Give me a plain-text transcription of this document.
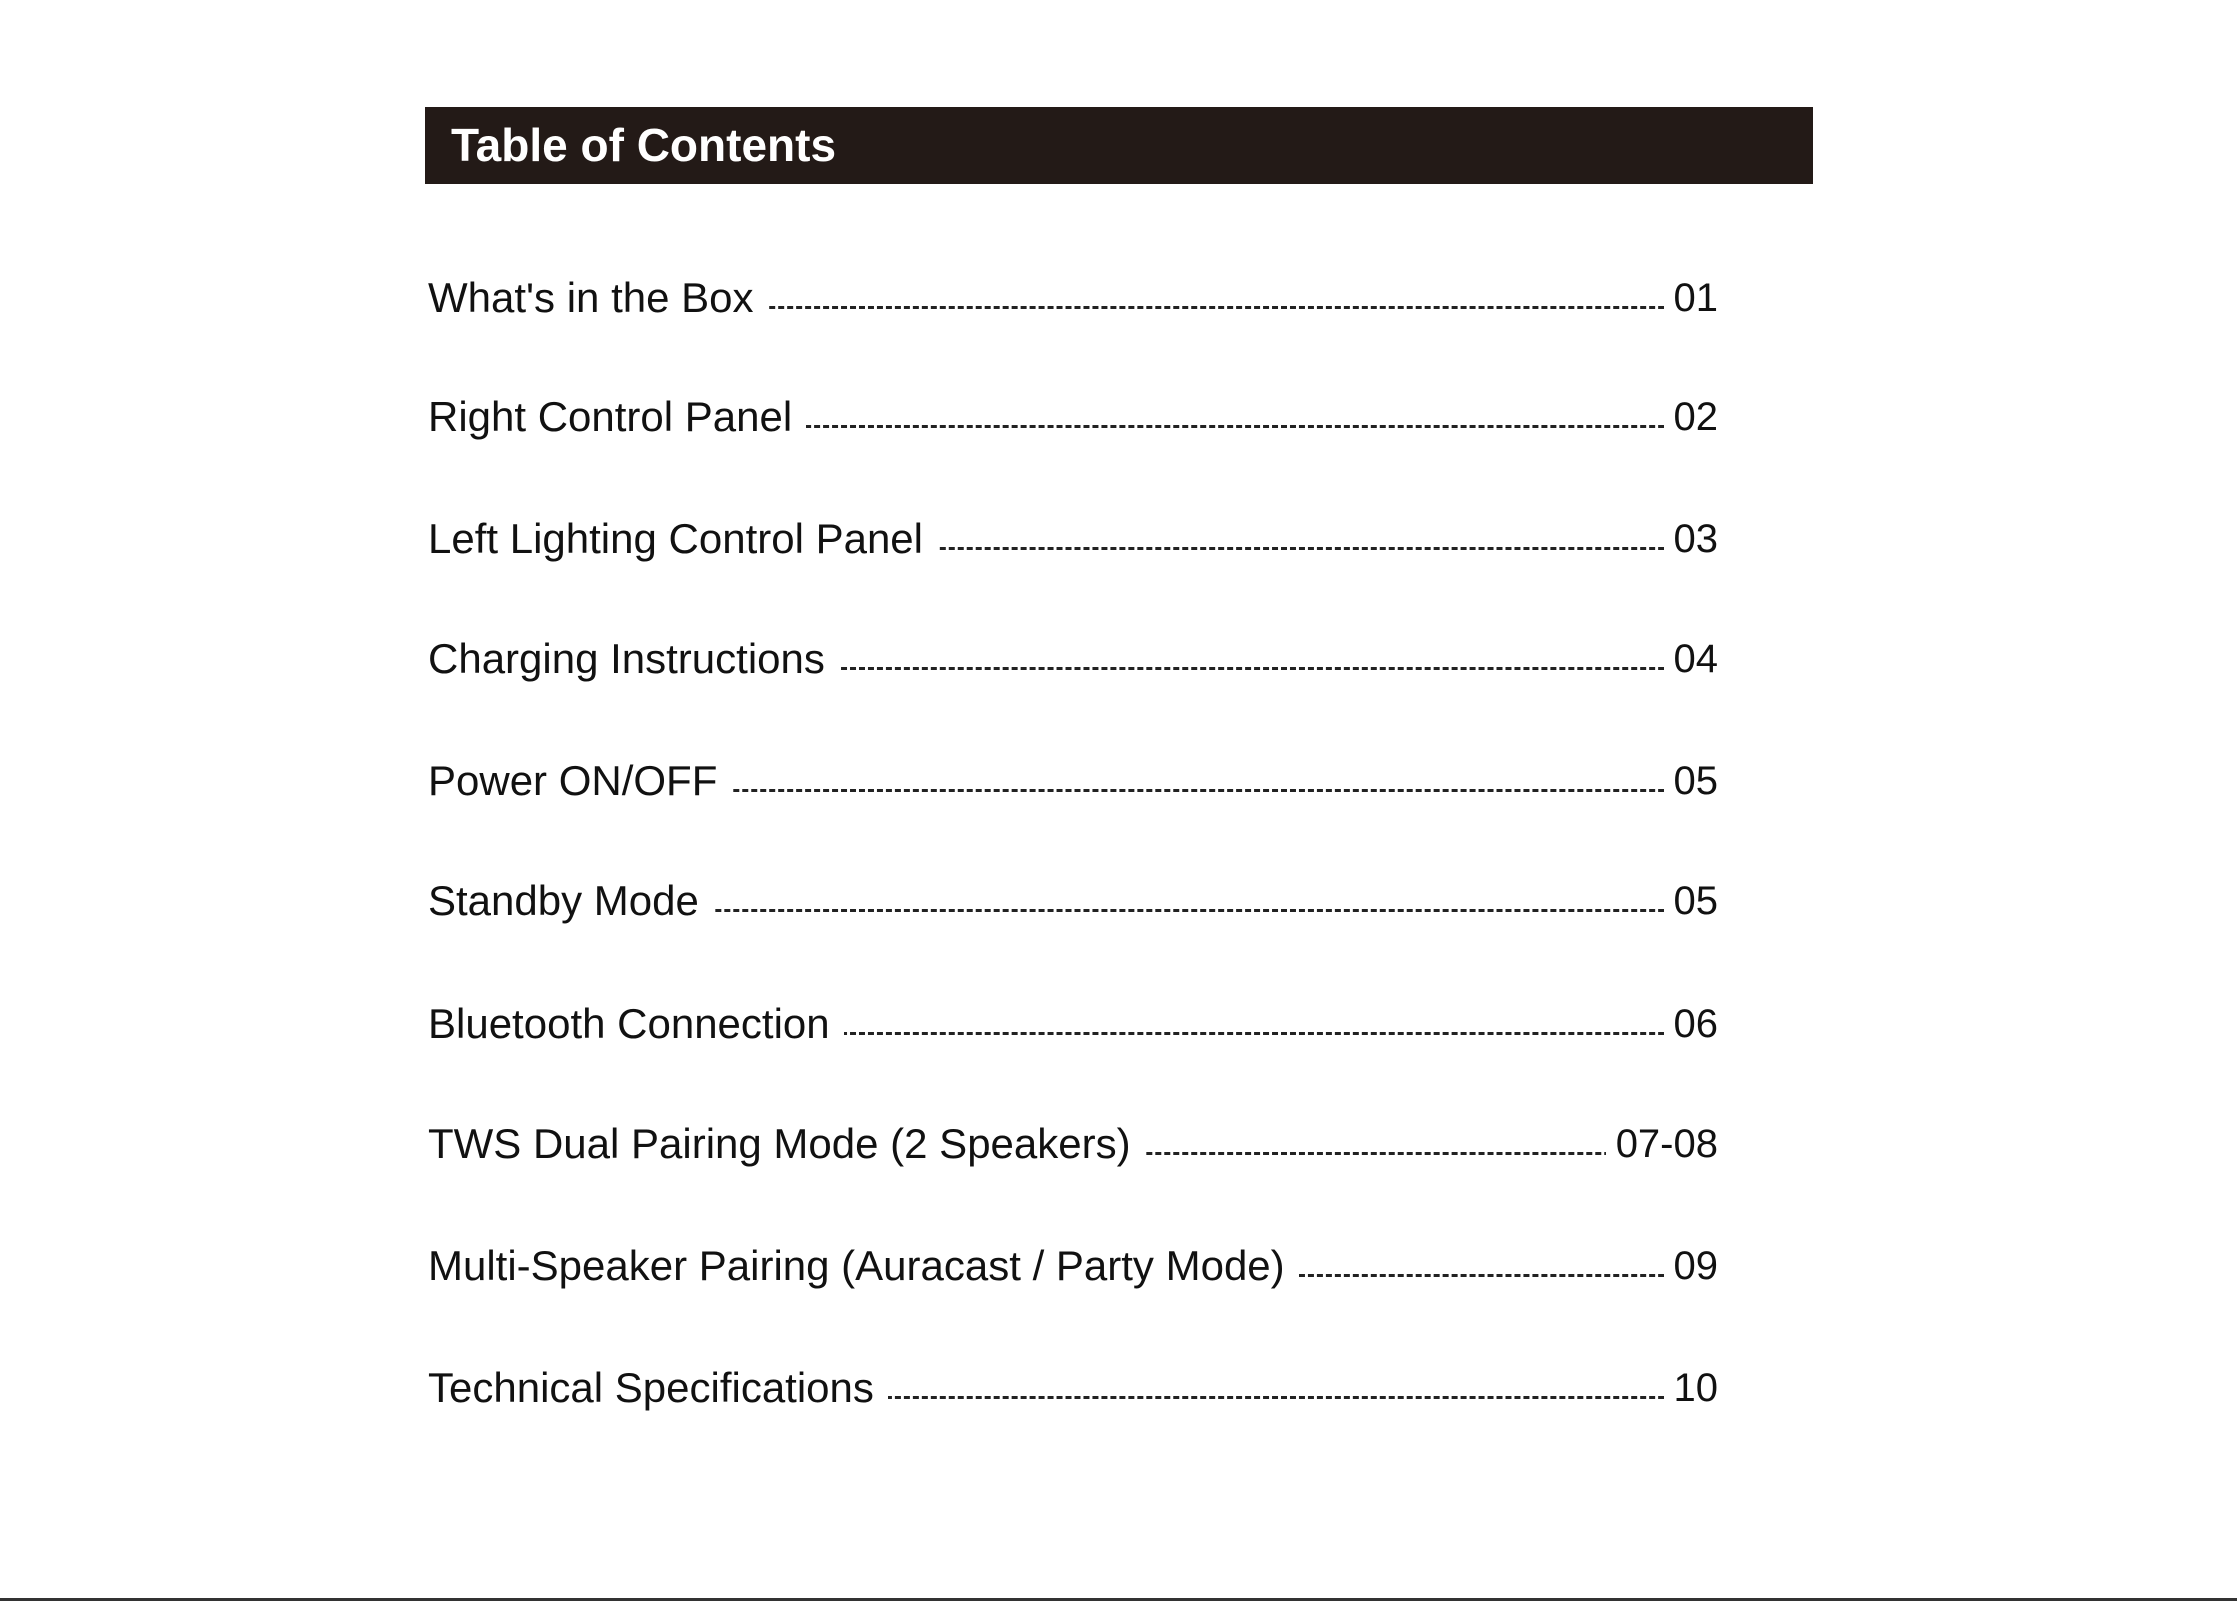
Table of Contents
What's in the Box	01
Right Control Panel	02
Left Lighting Control Panel	03
Charging Instructions	04
Power ON/OFF	05
Standby Mode	05
Bluetooth Connection	06
TWS Dual Pairing Mode (2 Speakers)	07-08
Multi-Speaker Pairing (Auracast / Party Mode)	09
Technical Specifications	10
